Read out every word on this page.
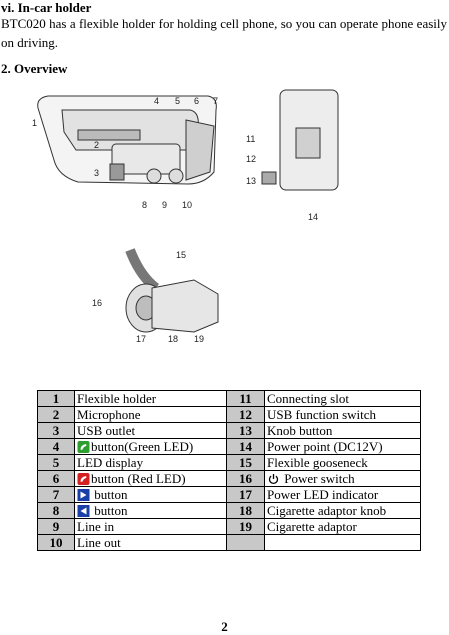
vi. In-car holder
BTC020 has a flexible holder for holding cell phone, so you can operate phone easily on driving.
2. Overview
1
2
3
4 5 6 7
8 9 10
11
12
13
14
15
16
17 18 19
1	Flexible holder	11	Connecting slot
2	Microphone	12	USB function switch
3	USB outlet	13	Knob button
4	button(Green LED)	14	Power point (DC12V)
5	LED display	15	Flexible gooseneck
6	button (Red LED)	16	Power switch
7	button	17	Power LED indicator
8	button	18	Cigarette adaptor knob
9	Line in	19	Cigarette adaptor
10	Line out		
2
